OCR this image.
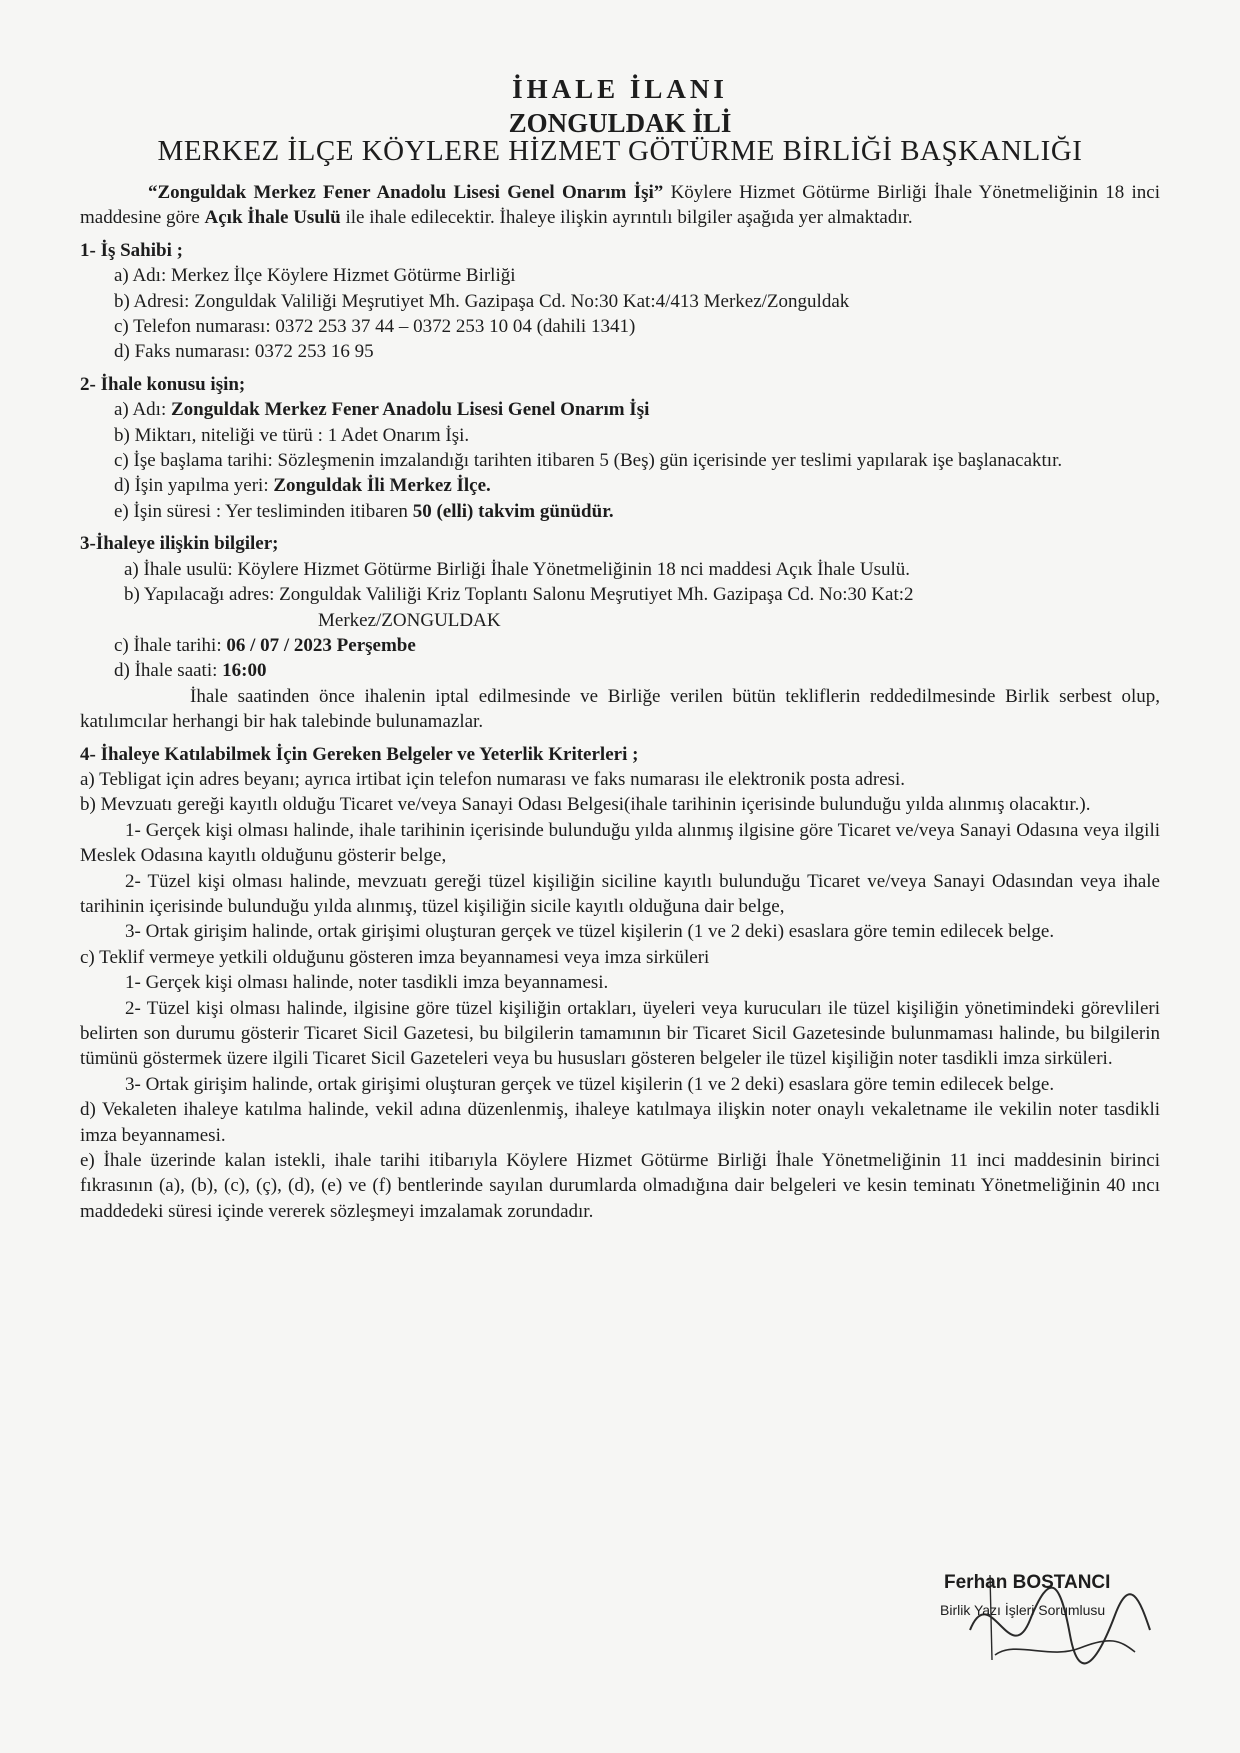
İHALE İLANI
ZONGULDAK İLİ
MERKEZ İLÇE KÖYLERE HİZMET GÖTÜRME BİRLİĞİ BAŞKANLIĞI

“Zonguldak Merkez Fener Anadolu Lisesi Genel Onarım İşi” Köylere Hizmet Götürme Birliği İhale Yönetmeliğinin 18 inci maddesine göre Açık İhale Usulü ile ihale edilecektir. İhaleye ilişkin ayrıntılı bilgiler aşağıda yer almaktadır.

1- İş Sahibi ;

a) Adı: Merkez İlçe Köylere Hizmet Götürme Birliği

b) Adresi: Zonguldak Valiliği Meşrutiyet Mh. Gazipaşa Cd. No:30 Kat:4/413 Merkez/Zonguldak

c) Telefon numarası: 0372 253 37 44 – 0372 253 10 04 (dahili 1341)

d) Faks numarası: 0372 253 16 95

2- İhale konusu işin;

a) Adı: Zonguldak Merkez Fener Anadolu Lisesi Genel Onarım İşi

b) Miktarı, niteliği ve türü : 1 Adet Onarım İşi.

c) İşe başlama tarihi: Sözleşmenin imzalandığı tarihten itibaren 5 (Beş) gün içerisinde yer teslimi yapılarak işe başlanacaktır.

d) İşin yapılma yeri: Zonguldak İli Merkez İlçe.

e) İşin süresi : Yer tesliminden itibaren 50 (elli) takvim günüdür.

3-İhaleye ilişkin bilgiler;

a) İhale usulü: Köylere Hizmet Götürme Birliği İhale Yönetmeliğinin 18 nci maddesi Açık İhale Usulü.

b) Yapılacağı adres: Zonguldak Valiliği Kriz Toplantı Salonu Meşrutiyet Mh. Gazipaşa Cd. No:30 Kat:2

Merkez/ZONGULDAK

c) İhale tarihi: 06 / 07 / 2023 Perşembe

d) İhale saati: 16:00

İhale saatinden önce ihalenin iptal edilmesinde ve Birliğe verilen bütün tekliflerin reddedilmesinde Birlik serbest olup, katılımcılar herhangi bir hak talebinde bulunamazlar.

4- İhaleye Katılabilmek İçin Gereken Belgeler ve Yeterlik Kriterleri ;

a) Tebligat için adres beyanı; ayrıca irtibat için telefon numarası ve faks numarası ile elektronik posta adresi.

b) Mevzuatı gereği kayıtlı olduğu Ticaret ve/veya Sanayi Odası Belgesi(ihale tarihinin içerisinde bulunduğu yılda alınmış olacaktır.).

1- Gerçek kişi olması halinde, ihale tarihinin içerisinde bulunduğu yılda alınmış ilgisine göre Ticaret ve/veya Sanayi Odasına veya ilgili Meslek Odasına kayıtlı olduğunu gösterir belge,

2- Tüzel kişi olması halinde, mevzuatı gereği tüzel kişiliğin siciline kayıtlı bulunduğu Ticaret ve/veya Sanayi Odasından veya ihale tarihinin içerisinde bulunduğu yılda alınmış, tüzel kişiliğin sicile kayıtlı olduğuna dair belge,

3- Ortak girişim halinde, ortak girişimi oluşturan gerçek ve tüzel kişilerin (1 ve 2 deki) esaslara göre temin edilecek belge.

c) Teklif vermeye yetkili olduğunu gösteren imza beyannamesi veya imza sirküleri

1- Gerçek kişi olması halinde, noter tasdikli imza beyannamesi.

2- Tüzel kişi olması halinde, ilgisine göre tüzel kişiliğin ortakları, üyeleri veya kurucuları ile tüzel kişiliğin yönetimindeki görevlileri belirten son durumu gösterir Ticaret Sicil Gazetesi, bu bilgilerin tamamının bir Ticaret Sicil Gazetesinde bulunmaması halinde, bu bilgilerin tümünü göstermek üzere ilgili Ticaret Sicil Gazeteleri veya bu hususları gösteren belgeler ile tüzel kişiliğin noter tasdikli imza sirküleri.

3- Ortak girişim halinde, ortak girişimi oluşturan gerçek ve tüzel kişilerin (1 ve 2 deki) esaslara göre temin edilecek belge.

d) Vekaleten ihaleye katılma halinde, vekil adına düzenlenmiş, ihaleye katılmaya ilişkin noter onaylı vekaletname ile vekilin noter tasdikli imza beyannamesi.

e) İhale üzerinde kalan istekli, ihale tarihi itibarıyla Köylere Hizmet Götürme Birliği İhale Yönetmeliğinin 11 inci maddesinin birinci fıkrasının (a), (b), (c), (ç), (d), (e) ve (f) bentlerinde sayılan durumlarda olmadığına dair belgeleri ve kesin teminatı Yönetmeliğinin 40 ıncı maddedeki süresi içinde vererek sözleşmeyi imzalamak zorundadır.

Ferhan BOSTANCI
Birlik Yazı İşleri Sorumlusu
